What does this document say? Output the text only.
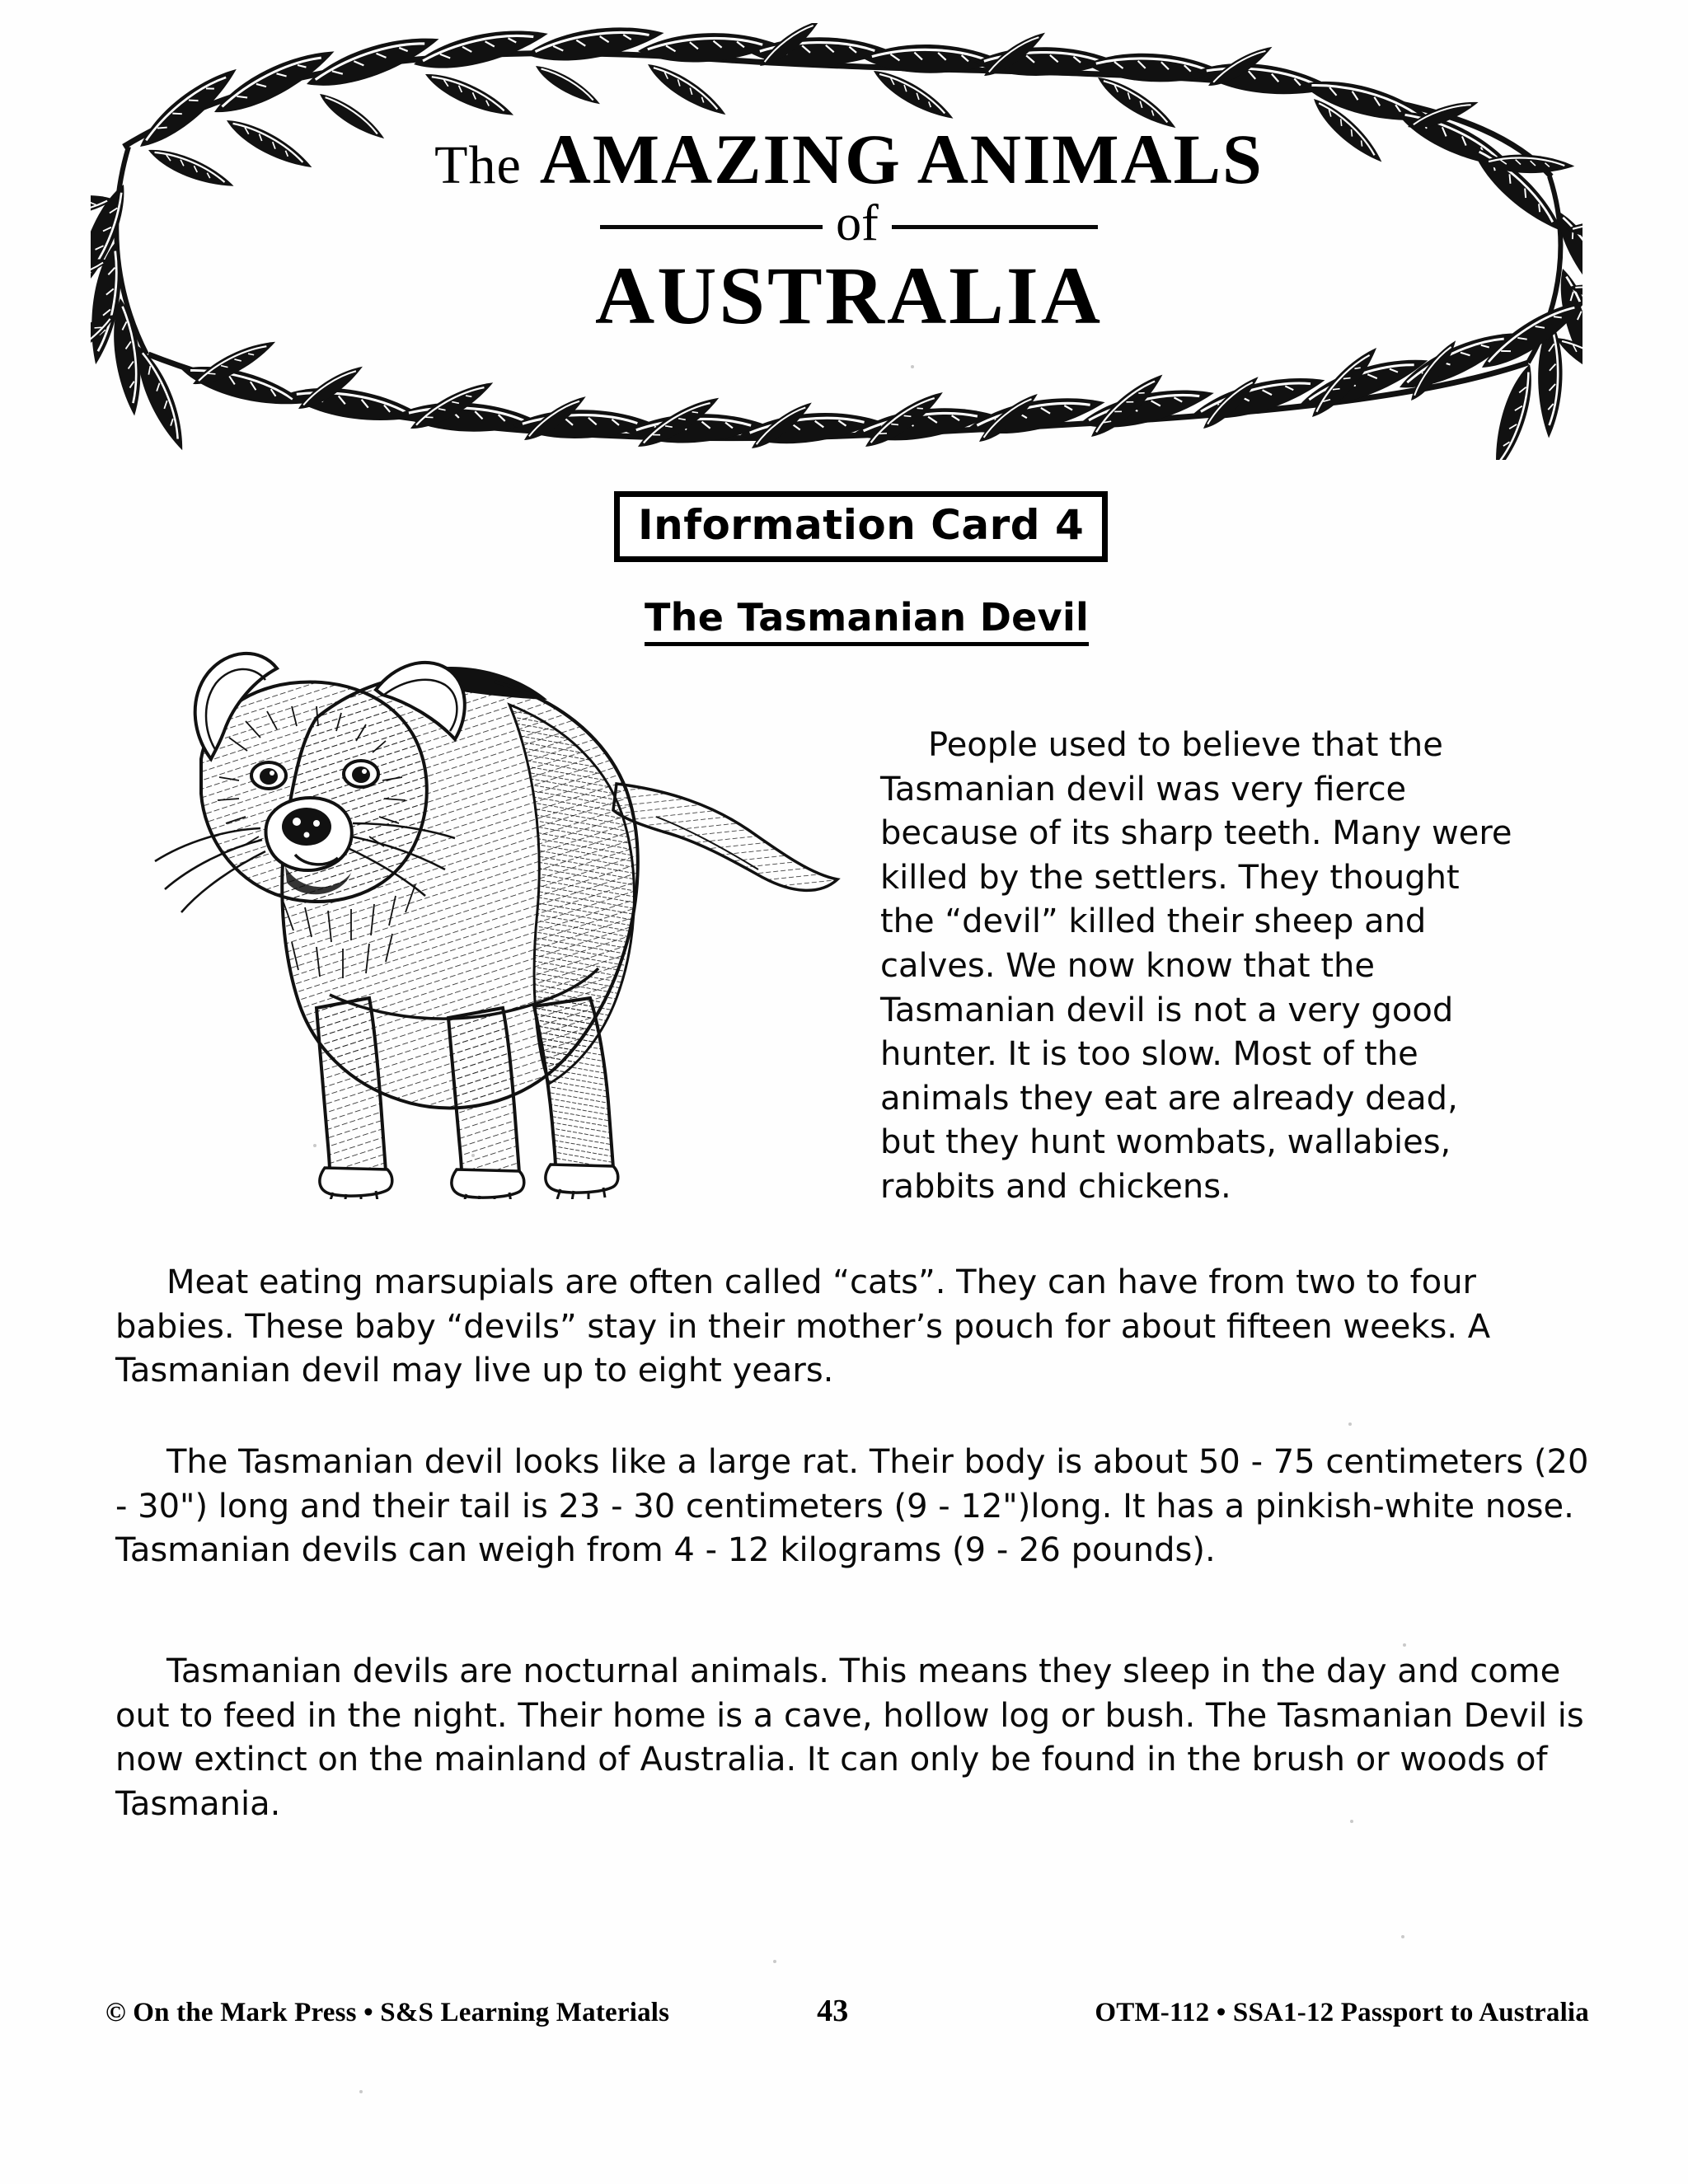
The AMAZING ANIMALS
of
AUSTRALIA
Information Card 4
The Tasmanian Devil

People used to believe that the Tasmanian devil was very fierce because of its sharp teeth. Many were killed by the settlers. They thought the “devil” killed their sheep and calves. We now know that the Tasmanian devil is not a very good hunter. It is too slow. Most of the animals they eat are already dead, but they hunt wombats, wallabies, rabbits and chickens.

Meat eating marsupials are often called “cats”. They can have from two to four babies. These baby “devils” stay in their mother’s pouch for about fifteen weeks. A Tasmanian devil may live up to eight years.

The Tasmanian devil looks like a large rat. Their body is about 50 - 75 centimeters (20 - 30") long and their tail is 23 - 30 centimeters (9 - 12")long. It has a pinkish-white nose. Tasmanian devils can weigh from 4 - 12 kilograms (9 - 26 pounds).

Tasmanian devils are nocturnal animals. This means they sleep in the day and come out to feed in the night. Their home is a cave, hollow log or bush. The Tasmanian Devil is now extinct on the mainland of Australia. It can only be found in the brush or woods of Tasmania.

© On the Mark Press • S&S Learning Materials	43	OTM-112 • SSA1-12 Passport to Australia
